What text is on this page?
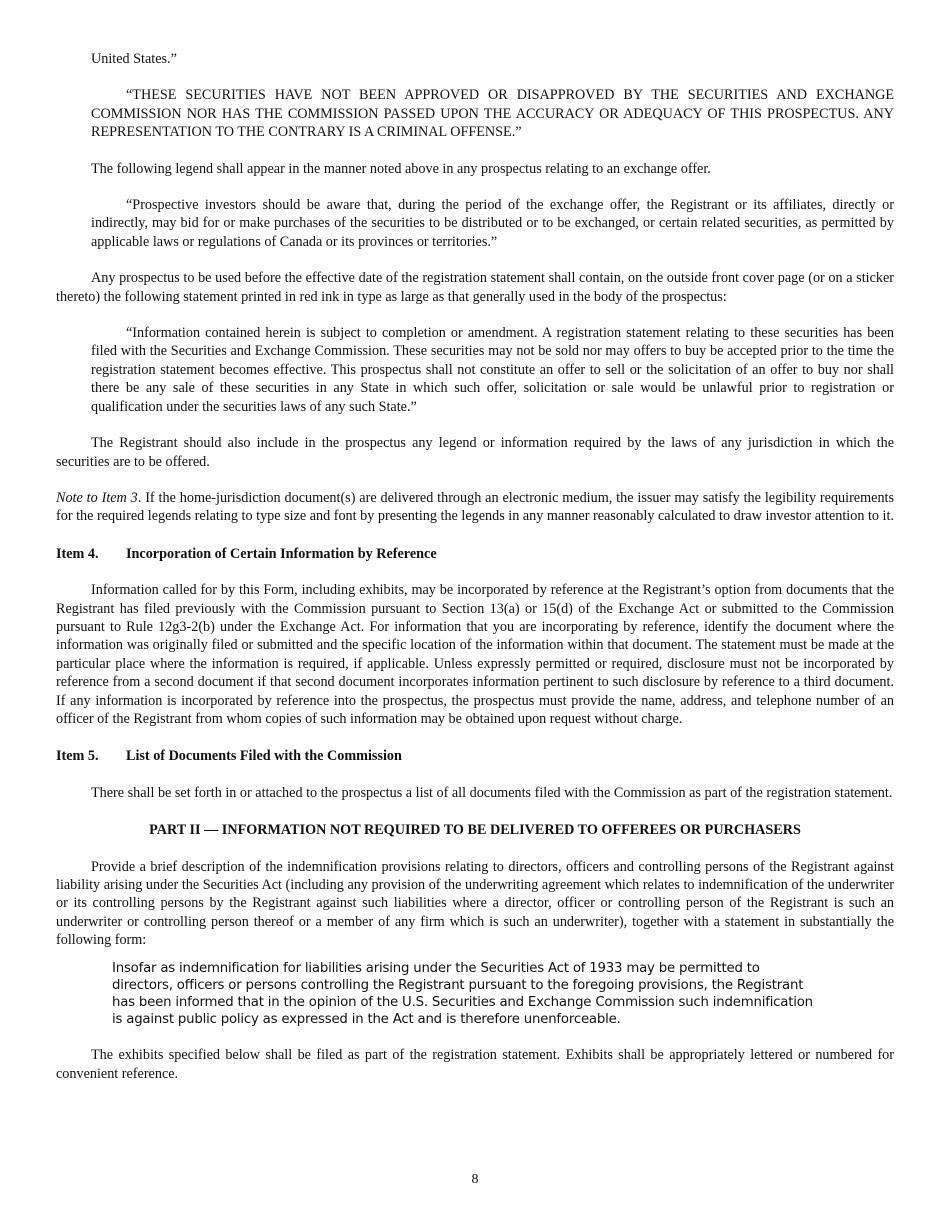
United States.”

“THESE SECURITIES HAVE NOT BEEN APPROVED OR DISAPPROVED BY THE SECURITIES AND EXCHANGE COMMISSION NOR HAS THE COMMISSION PASSED UPON THE ACCURACY OR ADEQUACY OF THIS PROSPECTUS. ANY REPRESENTATION TO THE CONTRARY IS A CRIMINAL OFFENSE.”

The following legend shall appear in the manner noted above in any prospectus relating to an exchange offer.

“Prospective investors should be aware that, during the period of the exchange offer, the Registrant or its affiliates, directly or indirectly, may bid for or make purchases of the securities to be distributed or to be exchanged, or certain related securities, as permitted by applicable laws or regulations of Canada or its provinces or territories.”

Any prospectus to be used before the effective date of the registration statement shall contain, on the outside front cover page (or on a sticker thereto) the following statement printed in red ink in type as large as that generally used in the body of the prospectus:

“Information contained herein is subject to completion or amendment. A registration statement relating to these securities has been filed with the Securities and Exchange Commission. These securities may not be sold nor may offers to buy be accepted prior to the time the registration statement becomes effective. This prospectus shall not constitute an offer to sell or the solicitation of an offer to buy nor shall there be any sale of these securities in any State in which such offer, solicitation or sale would be unlawful prior to registration or qualification under the securities laws of any such State.”

The Registrant should also include in the prospectus any legend or information required by the laws of any jurisdiction in which the securities are to be offered.

Note to Item 3. If the home-jurisdiction document(s) are delivered through an electronic medium, the issuer may satisfy the legibility requirements for the required legends relating to type size and font by presenting the legends in any manner reasonably calculated to draw investor attention to it.

Item 4. Incorporation of Certain Information by Reference

Information called for by this Form, including exhibits, may be incorporated by reference at the Registrant’s option from documents that the Registrant has filed previously with the Commission pursuant to Section 13(a) or 15(d) of the Exchange Act or submitted to the Commission pursuant to Rule 12g3-2(b) under the Exchange Act. For information that you are incorporating by reference, identify the document where the information was originally filed or submitted and the specific location of the information within that document. The statement must be made at the particular place where the information is required, if applicable. Unless expressly permitted or required, disclosure must not be incorporated by reference from a second document if that second document incorporates information pertinent to such disclosure by reference to a third document. If any information is incorporated by reference into the prospectus, the prospectus must provide the name, address, and telephone number of an officer of the Registrant from whom copies of such information may be obtained upon request without charge.

Item 5. List of Documents Filed with the Commission

There shall be set forth in or attached to the prospectus a list of all documents filed with the Commission as part of the registration statement.

PART II — INFORMATION NOT REQUIRED TO BE DELIVERED TO OFFEREES OR PURCHASERS

Provide a brief description of the indemnification provisions relating to directors, officers and controlling persons of the Registrant against liability arising under the Securities Act (including any provision of the underwriting agreement which relates to indemnification of the underwriter or its controlling persons by the Registrant against such liabilities where a director, officer or controlling person of the Registrant is such an underwriter or controlling person thereof or a member of any firm which is such an underwriter), together with a statement in substantially the following form:

Insofar as indemnification for liabilities arising under the Securities Act of 1933 may be permitted to directors, officers or persons controlling the Registrant pursuant to the foregoing provisions, the Registrant has been informed that in the opinion of the U.S. Securities and Exchange Commission such indemnification is against public policy as expressed in the Act and is therefore unenforceable.

The exhibits specified below shall be filed as part of the registration statement. Exhibits shall be appropriately lettered or numbered for convenient reference.

8
